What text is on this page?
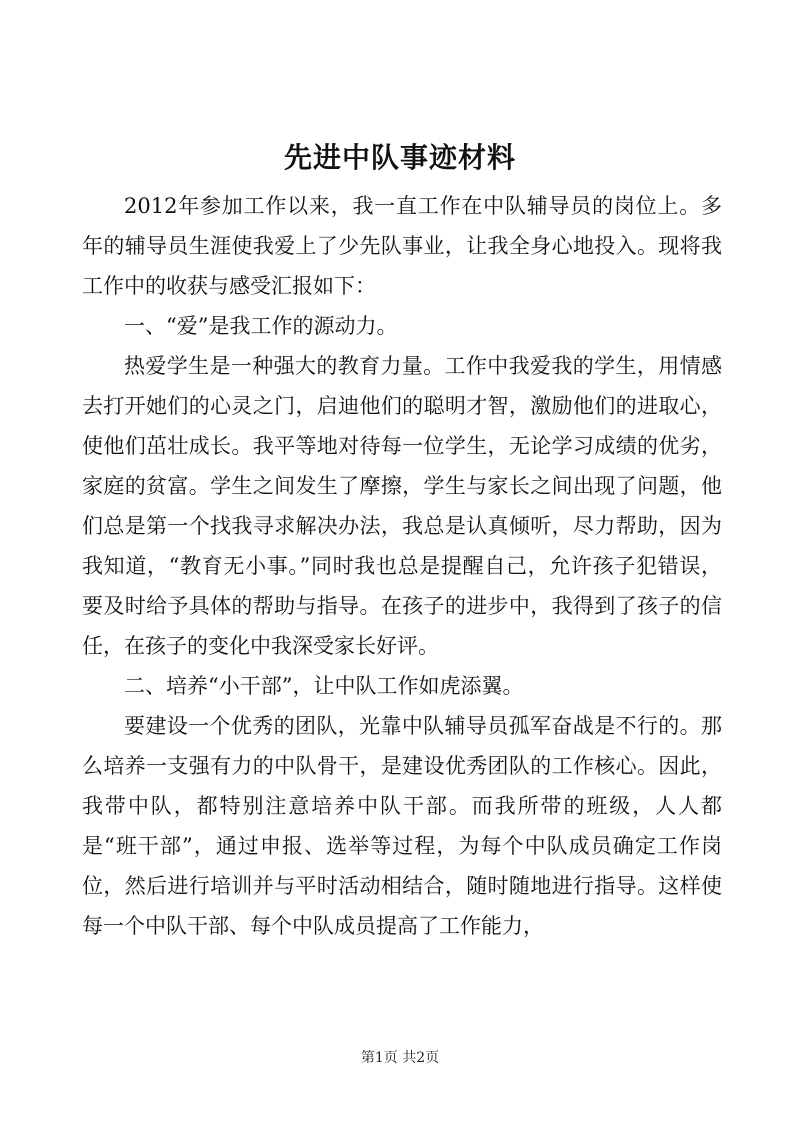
先进中队事迹材料

2012年参加工作以来，我一直工作在中队辅导员的岗位上。多年的辅导员生涯使我爱上了少先队事业，让我全身心地投入。现将我工作中的收获与感受汇报如下：

一、“爱”是我工作的源动力。

热爱学生是一种强大的教育力量。工作中我爱我的学生，用情感去打开她们的心灵之门，启迪他们的聪明才智，激励他们的进取心，使他们茁壮成长。我平等地对待每一位学生，无论学习成绩的优劣，家庭的贫富。学生之间发生了摩擦，学生与家长之间出现了问题，他们总是第一个找我寻求解决办法，我总是认真倾听，尽力帮助，因为我知道，“教育无小事。”同时我也总是提醒自己，允许孩子犯错误，要及时给予具体的帮助与指导。在孩子的进步中，我得到了孩子的信任，在孩子的变化中我深受家长好评。

二、培养“小干部”，让中队工作如虎添翼。

要建设一个优秀的团队，光靠中队辅导员孤军奋战是不行的。那么培养一支强有力的中队骨干，是建设优秀团队的工作核心。因此，我带中队，都特别注意培养中队干部。而我所带的班级，人人都是“班干部”，通过申报、选举等过程，为每个中队成员确定工作岗位，然后进行培训并与平时活动相结合，随时随地进行指导。这样使每一个中队干部、每个中队成员提高了工作能力，

第1页 共2页
